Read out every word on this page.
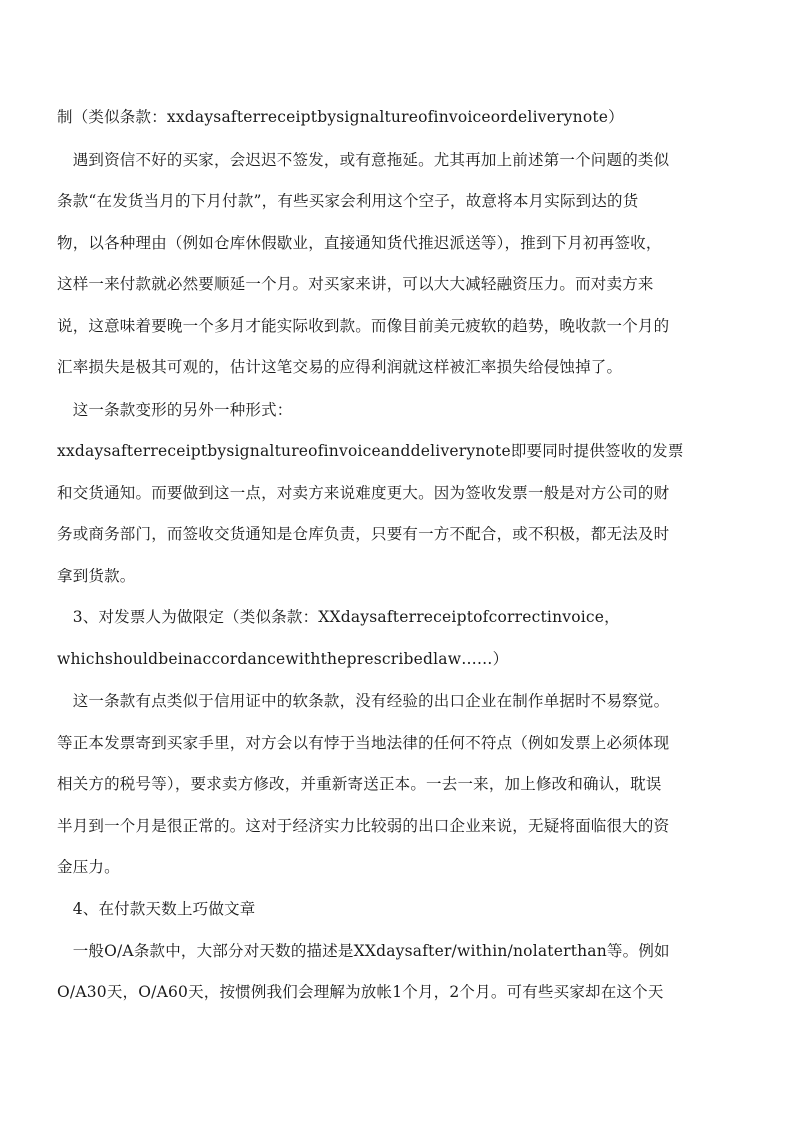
制（类似条款：xxdaysafterreceiptbysignaltureofinvoiceordeliverynote）
　遇到资信不好的买家，会迟迟不签发，或有意拖延。尤其再加上前述第一个问题的类似
条款“在发货当月的下月付款”，有些买家会利用这个空子，故意将本月实际到达的货
物，以各种理由（例如仓库休假歇业，直接通知货代推迟派送等），推到下月初再签收，
这样一来付款就必然要顺延一个月。对买家来讲，可以大大减轻融资压力。而对卖方来
说，这意味着要晚一个多月才能实际收到款。而像目前美元疲软的趋势，晚收款一个月的
汇率损失是极其可观的，估计这笔交易的应得利润就这样被汇率损失给侵蚀掉了。
　这一条款变形的另外一种形式：
xxdaysafterreceiptbysignaltureofinvoiceanddeliverynote即要同时提供签收的发票
和交货通知。而要做到这一点，对卖方来说难度更大。因为签收发票一般是对方公司的财
务或商务部门，而签收交货通知是仓库负责，只要有一方不配合，或不积极，都无法及时
拿到货款。
　3、对发票人为做限定（类似条款：XXdaysafterreceiptofcorrectinvoice，
whichshouldbeinaccordancewiththeprescribedlaw……）
　这一条款有点类似于信用证中的软条款，没有经验的出口企业在制作单据时不易察觉。
等正本发票寄到买家手里，对方会以有悖于当地法律的任何不符点（例如发票上必须体现
相关方的税号等），要求卖方修改，并重新寄送正本。一去一来，加上修改和确认，耽误
半月到一个月是很正常的。这对于经济实力比较弱的出口企业来说，无疑将面临很大的资
金压力。
　4、在付款天数上巧做文章
　一般O/A条款中，大部分对天数的描述是XXdaysafter/within/nolaterthan等。例如
O/A30天，O/A60天，按惯例我们会理解为放帐1个月，2个月。可有些买家却在这个天
